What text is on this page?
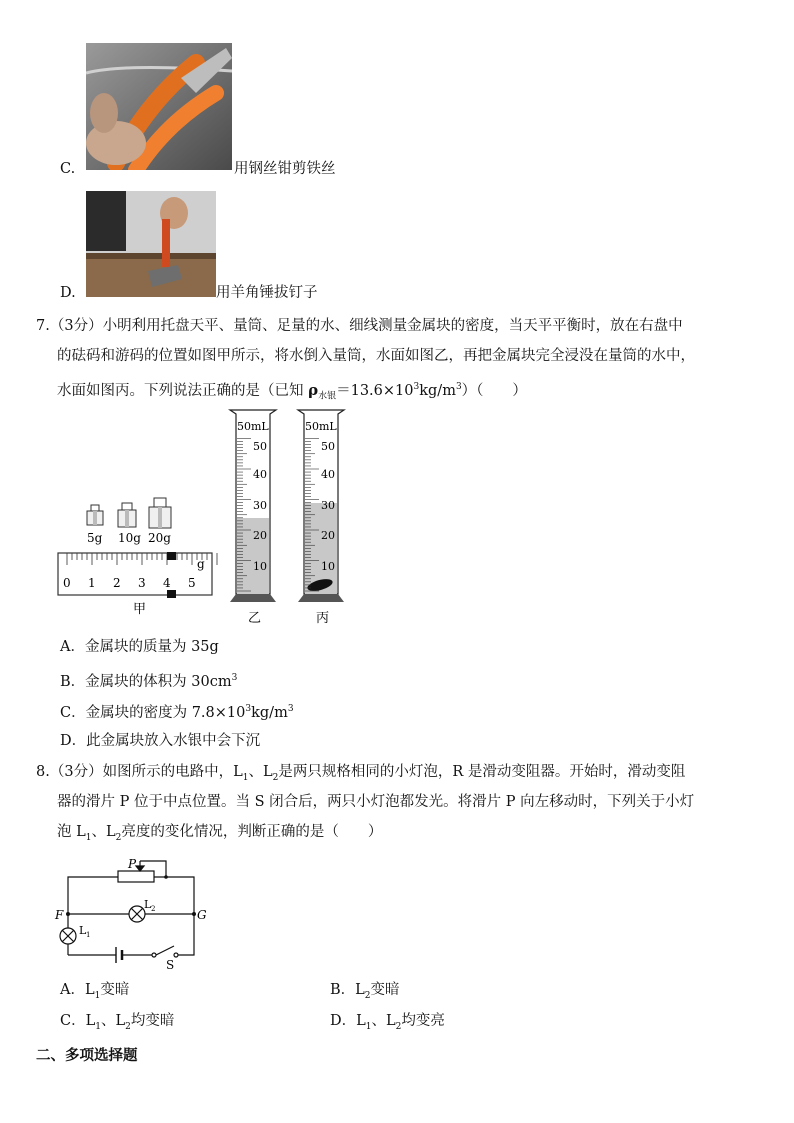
C.	用钢丝钳剪铁丝
D.	用羊角锤拔钉子
7.（3分）小明利用托盘天平、量筒、足量的水、细线测量金属块的密度，当天平平衡时，放在右盘中
的砝码和游码的位置如图甲所示，将水倒入量筒，水面如图乙，再把金属块完全浸没在量筒的水中，
水面如图丙。下列说法正确的是（已知 $\rho_{水银}=13.6\times 10^3kg/m^3$）（　　）
5g 10g 20g
g
0 1 2 3 4 5
甲
50mL
50
40
30
20
10
乙
50mL
50
40
30
20
10
丙
A．金属块的质量为 35g
B．金属块的体积为 $30cm^3$
C．金属块的密度为 $7.8\times 10^3kg/m^3$
D．此金属块放入水银中会下沉
8.（3分）如图所示的电路中，$L_1$、$L_2$是两只规格相同的小灯泡，R 是滑动变阻器。开始时，滑动变阻
器的滑片 P 位于中点位置。当 S 闭合后，两只小灯泡都发光。将滑片 P 向左移动时，下列关于小灯
泡 $L_1$、$L_2$亮度的变化情况，判断正确的是（　　）
P
F	G
L 2
L 1
S
A．$L_1$变暗	B．$L_2$变暗
C．$L_1$、$L_2$均变暗	D．$L_1$、$L_2$均变亮
二、多项选择题
